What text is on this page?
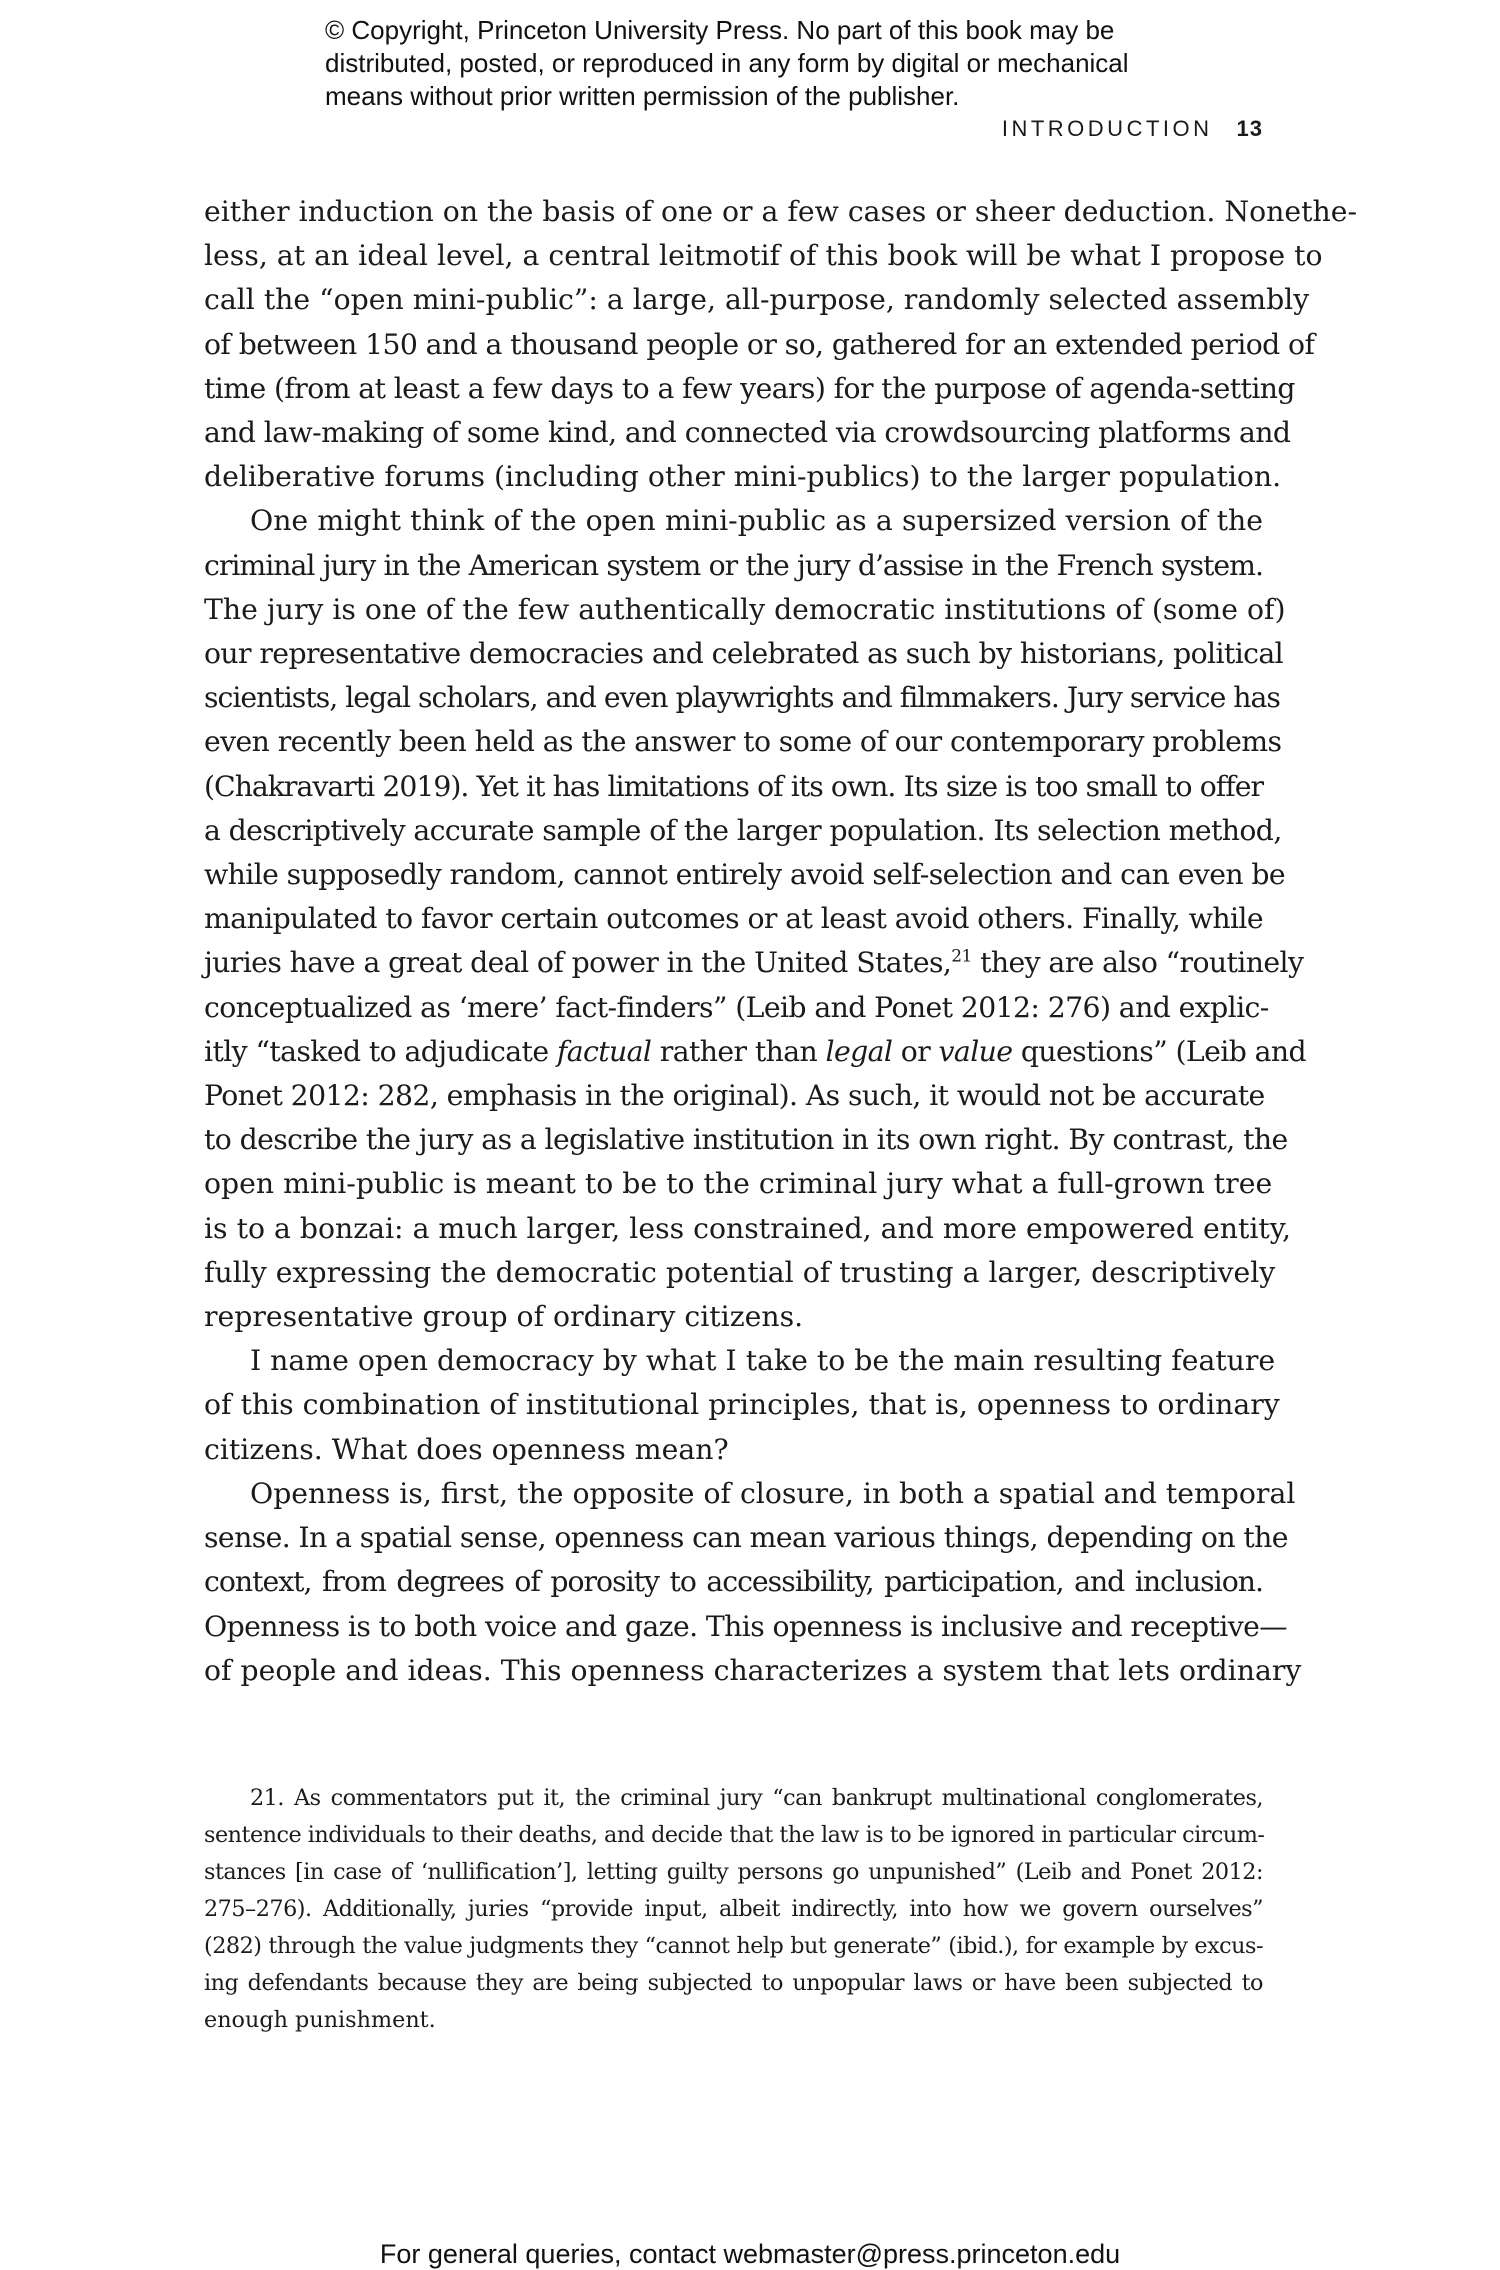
© Copyright, Princeton University Press. No part of this book may be
distributed, posted, or reproduced in any form by digital or mechanical
means without prior written permission of the publisher.
INTRODUCTION 13
either induction on the basis of one or a few cases or sheer deduction. Nonethe-
less, at an ideal level, a central leitmotif of this book will be what I propose to
call the “open mini-public”: a large, all-purpose, randomly selected assembly
of between 150 and a thousand people or so, gathered for an extended period of
time (from at least a few days to a few years) for the purpose of agenda-setting
and law-making of some kind, and connected via crowdsourcing platforms and
deliberative forums (including other mini-publics) to the larger population.
One might think of the open mini-public as a supersized version of the
criminal jury in the American system or the jury d’assise in the French system.
The jury is one of the few authentically democratic institutions of (some of)
our representative democracies and celebrated as such by historians, political
scientists, legal scholars, and even playwrights and filmmakers. Jury service has
even recently been held as the answer to some of our contemporary problems
(Chakravarti 2019). Yet it has limitations of its own. Its size is too small to offer
a descriptively accurate sample of the larger population. Its selection method,
while supposedly random, cannot entirely avoid self-selection and can even be
manipulated to favor certain outcomes or at least avoid others. Finally, while
juries have a great deal of power in the United States,$^{21}$ they are also “routinely
conceptualized as ‘mere’ fact-finders” (Leib and Ponet 2012: 276) and explic-
itly “tasked to adjudicate factual rather than legal or value questions” (Leib and
Ponet 2012: 282, emphasis in the original). As such, it would not be accurate
to describe the jury as a legislative institution in its own right. By contrast, the
open mini-public is meant to be to the criminal jury what a full-grown tree
is to a bonzai: a much larger, less constrained, and more empowered entity,
fully expressing the democratic potential of trusting a larger, descriptively
representative group of ordinary citizens.
I name open democracy by what I take to be the main resulting feature
of this combination of institutional principles, that is, openness to ordinary
citizens. What does openness mean?
Openness is, first, the opposite of closure, in both a spatial and temporal
sense. In a spatial sense, openness can mean various things, depending on the
context, from degrees of porosity to accessibility, participation, and inclusion.
Openness is to both voice and gaze. This openness is inclusive and receptive—
of people and ideas. This openness characterizes a system that lets ordinary
21. As commentators put it, the criminal jury “can bankrupt multinational conglomerates,
sentence individuals to their deaths, and decide that the law is to be ignored in particular circum-
stances [in case of ‘nullification’], letting guilty persons go unpunished” (Leib and Ponet 2012:
275–276). Additionally, juries “provide input, albeit indirectly, into how we govern ourselves”
(282) through the value judgments they “cannot help but generate” (ibid.), for example by excus-
ing defendants because they are being subjected to unpopular laws or have been subjected to
enough punishment.
For general queries, contact webmaster@press.princeton.edu
